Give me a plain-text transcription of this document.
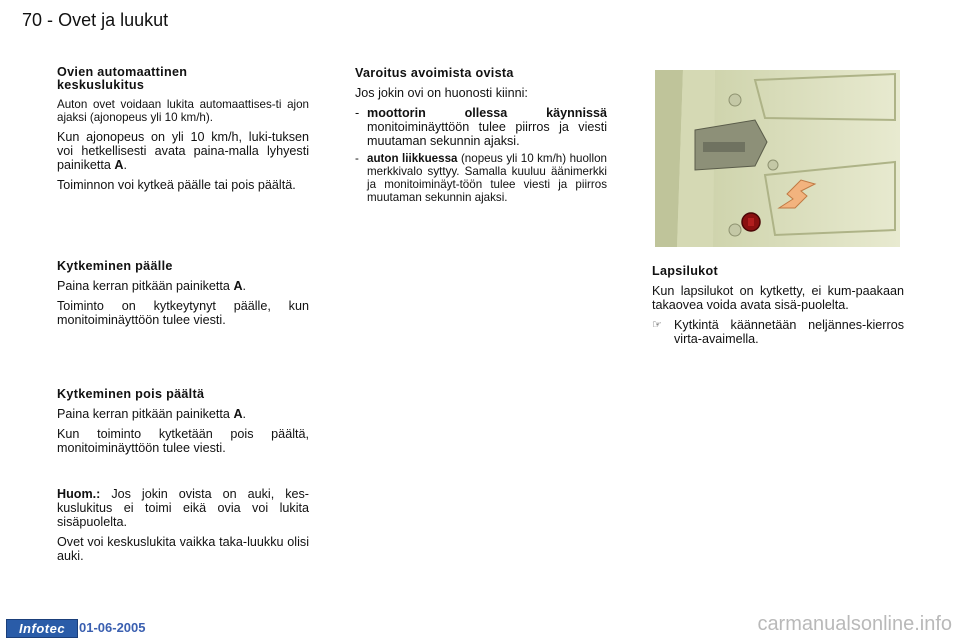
70 - Ovet ja luukut
Ovien automaattinen
keskuslukitus

Auton ovet voidaan lukita automaattises-ti ajon ajaksi (ajonopeus yli 10 km/h).

Kun ajonopeus on yli 10 km/h, luki-tuksen voi hetkellisesti avata paina-malla lyhyesti painiketta A.

Toiminnon voi kytkeä päälle tai pois päältä.

Kytkeminen päälle

Paina kerran pitkään painiketta A.

Toiminto on kytkeytynyt päälle, kun monitoiminäyttöön tulee viesti.

Kytkeminen pois päältä

Paina kerran pitkään painiketta A.

Kun toiminto kytketään pois päältä, monitoiminäyttöön tulee viesti.

Huom.: Jos jokin ovista on auki, kes-kuslukitus ei toimi eikä ovia voi lukita sisäpuolelta.

Ovet voi keskuslukita vaikka taka-luukku olisi auki.

Varoitus avoimista ovista

Jos jokin ovi on huonosti kiinni:

- moottorin ollessa käynnissä monitoiminäyttöön tulee piirros ja viesti muutaman sekunnin ajaksi.
- auton liikkuessa (nopeus yli 10 km/h) huollon merkkivalo syttyy. Samalla kuuluu äänimerkki ja monitoiminäyt-töön tulee viesti ja piirros muutaman sekunnin ajaksi.
Lapsilukot

Kun lapsilukot on kytketty, ei kum-paakaan takaovea voida avata sisä-puolelta.

☞ Kytkintä käännetään neljännes-kierros virta-avaimella.
Infotec	01-06-2005	carmanualsonline.info
